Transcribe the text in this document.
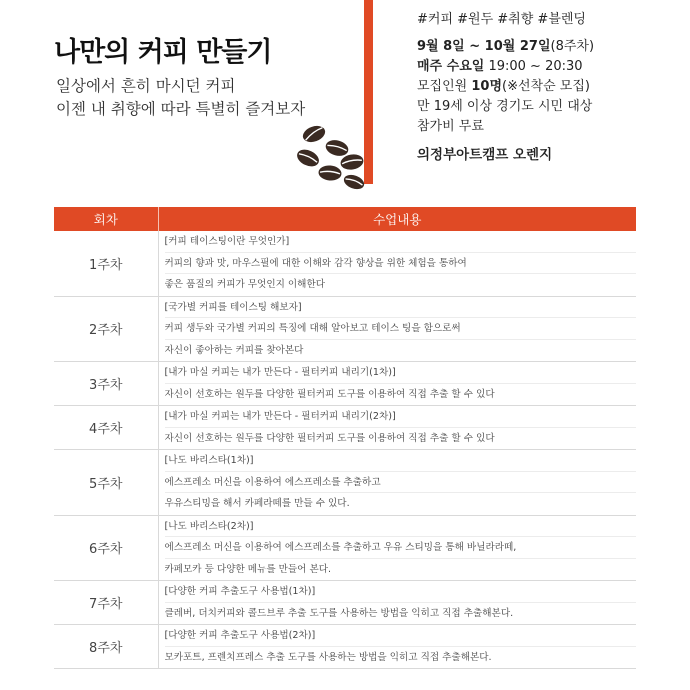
나만의 커피 만들기
일상에서 흔히 마시던 커피
이젠 내 취향에 따라 특별히 즐겨보자
#커피 #원두 #취향 #블렌딩
9월 8일 ~ 10월 27일(8주차)
매주 수요일 19:00 ~ 20:30
모집인원 10명(※선착순 모집)
만 19세 이상 경기도 시민 대상
참가비 무료
의정부아트캠프 오렌지
회차	수업내용
1주차	[커피 테이스팅이란 무엇인가]
커피의 향과 맛, 마우스필에 대한 이해와 감각 향상을 위한 체험을 통하여
좋은 품질의 커피가 무엇인지 이해한다

2주차	[국가별 커피를 테이스팅 해보자]
커피 생두와 국가별 커피의 특징에 대해 알아보고 테이스 팅을 함으로써
자신이 좋아하는 커피를 찾아본다

3주차	[내가 마실 커피는 내가 만든다 - 필터커피 내리기(1차)]
자신이 선호하는 원두를 다양한 필터커피 도구를 이용하여 직접 추출 할 수 있다

4주차	[내가 마실 커피는 내가 만든다 - 필터커피 내리기(2차)]
자신이 선호하는 원두를 다양한 필터커피 도구를 이용하여 직접 추출 할 수 있다

5주차	[나도 바리스타(1차)]
에스프레소 머신을 이용하여 에스프레소를 추출하고
우유스티밍을 해서 카페라떼를 만들 수 있다.

6주차	[나도 바리스타(2차)]
에스프레소 머신을 이용하여 에스프레소를 추출하고 우유 스티밍을 통해 바닐라라떼,
카페모카 등 다양한 메뉴를 만들어 본다.

7주차	[다양한 커피 추출도구 사용법(1차)]
클레버, 더치커피와 콜드브루 추출 도구를 사용하는 방법을 익히고 직접 추출해본다.

8주차	[다양한 커피 추출도구 사용법(2차)]
모카포트, 프렌치프레스 추출 도구를 사용하는 방법을 익히고 직접 추출해본다.
